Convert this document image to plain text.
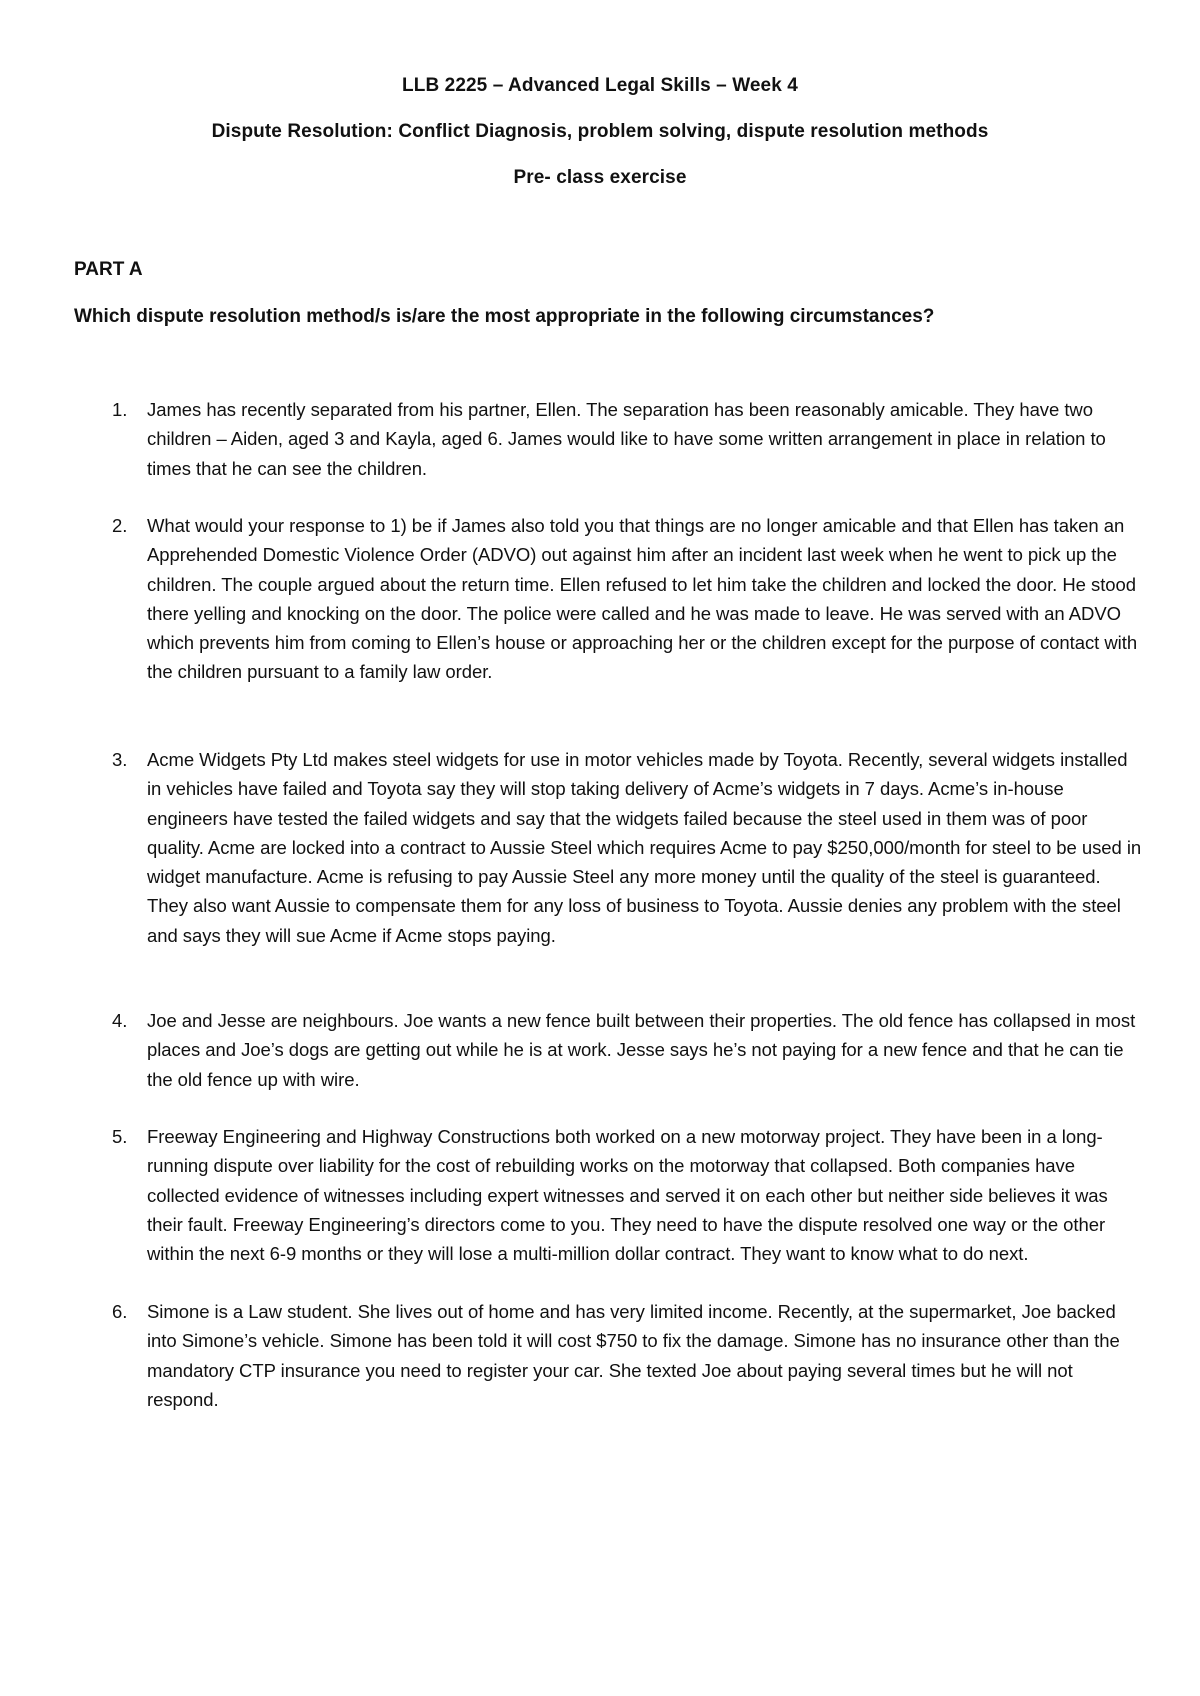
LLB 2225 – Advanced Legal Skills – Week 4
Dispute Resolution: Conflict Diagnosis, problem solving, dispute resolution methods
Pre- class exercise
PART A
Which dispute resolution method/s is/are the most appropriate in the following circumstances?
1. James has recently separated from his partner, Ellen. The separation has been reasonably amicable. They have two children – Aiden, aged 3 and Kayla, aged 6. James would like to have some written arrangement in place in relation to times that he can see the children.
2. What would your response to 1) be if James also told you that things are no longer amicable and that Ellen has taken an Apprehended Domestic Violence Order (ADVO) out against him after an incident last week when he went to pick up the children. The couple argued about the return time. Ellen refused to let him take the children and locked the door. He stood there yelling and knocking on the door. The police were called and he was made to leave. He was served with an ADVO which prevents him from coming to Ellen’s house or approaching her or the children except for the purpose of contact with the children pursuant to a family law order.
3. Acme Widgets Pty Ltd makes steel widgets for use in motor vehicles made by Toyota. Recently, several widgets installed in vehicles have failed and Toyota say they will stop taking delivery of Acme’s widgets in 7 days. Acme’s in-house engineers have tested the failed widgets and say that the widgets failed because the steel used in them was of poor quality. Acme are locked into a contract to Aussie Steel which requires Acme to pay $250,000/month for steel to be used in widget manufacture. Acme is refusing to pay Aussie Steel any more money until the quality of the steel is guaranteed. They also want Aussie to compensate them for any loss of business to Toyota. Aussie denies any problem with the steel and says they will sue Acme if Acme stops paying.
4. Joe and Jesse are neighbours. Joe wants a new fence built between their properties. The old fence has collapsed in most places and Joe’s dogs are getting out while he is at work. Jesse says he’s not paying for a new fence and that he can tie the old fence up with wire.
5. Freeway Engineering and Highway Constructions both worked on a new motorway project. They have been in a long-running dispute over liability for the cost of rebuilding works on the motorway that collapsed. Both companies have collected evidence of witnesses including expert witnesses and served it on each other but neither side believes it was their fault. Freeway Engineering’s directors come to you. They need to have the dispute resolved one way or the other within the next 6-9 months or they will lose a multi-million dollar contract. They want to know what to do next.
6. Simone is a Law student. She lives out of home and has very limited income. Recently, at the supermarket, Joe backed into Simone’s vehicle. Simone has been told it will cost $750 to fix the damage. Simone has no insurance other than the mandatory CTP insurance you need to register your car. She texted Joe about paying several times but he will not respond.
